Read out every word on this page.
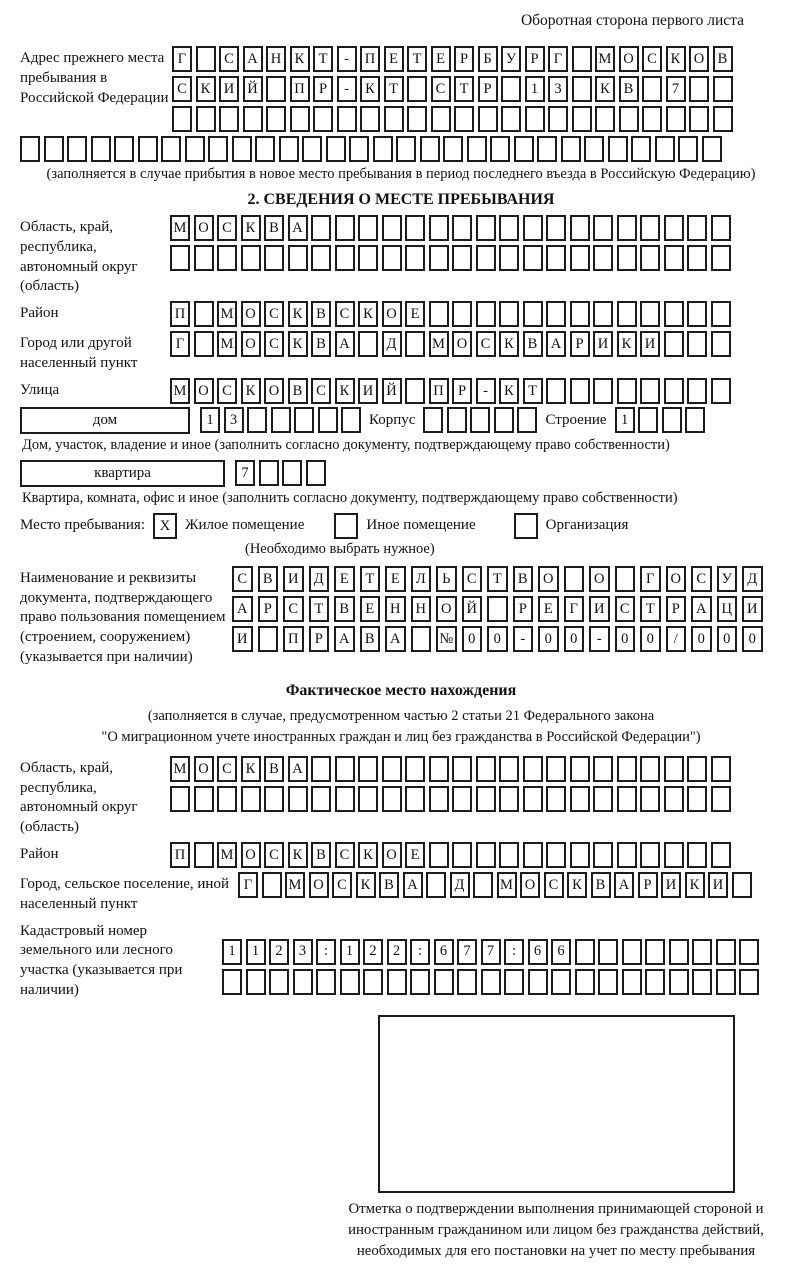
Оборотная сторона первого листа
Адрес прежнего места пребывания в Российской Федерации
Г	С А Н К Т	-	П Е	Т	Е	Р	Б У Р	Г	М О С К О В
С К И Й	П Р	-	К Т	С Т	Р	1	3	К В	7
(заполняется в случае прибытия в новое место пребывания в период последнего въезда в Российскую Федерацию)
2. СВЕДЕНИЯ О МЕСТЕ ПРЕБЫВАНИЯ
Область, край, республика, автономный округ (область)
М О С К В А
Район	П	М О С К В С К О Е
Город или другой населенный пункт
Г	М О С К В А	Д	М О С К В А Р И К И
Улица	М О С К О В С К И Й	П Р	-	К Т
дом	1	3	Корпус	Строение 1
Дом, участок, владение и иное (заполнить согласно документу, подтверждающему право собственности)
квартира	7
Квартира, комната, офис и иное (заполнить согласно документу, подтверждающему право собственности)
Место пребывания:	X Жилое помещение	Иное помещение	Организация
(Необходимо выбрать нужное)
Наименование и реквизиты документа, подтверждающего право пользования помещением (строением, сооружением) (указывается при наличии)
С	В	И	Д	Е	Т	Е	Л	Ь	С	Т	В	О	О	Г	О	С	У	Д
А	Р	С	Т	В	Е	Н	Н	О	Й	Р	Е	Г	И	С	Т	Р	А	Ц	И
И	П	Р	А	В	А	№	0	0	-	0	0	-	0	0	/	0	0	0
Фактическое место нахождения
(заполняется в случае, предусмотренном частью 2 статьи 21 Федерального закона
"О миграционном учете иностранных граждан и лиц без гражданства в Российской Федерации")
Область, край, республика, автономный округ (область)
М О С К В А
Район	П	М О С К В С К О Е
Город, сельское поселение, иной населенный пункт
Г	М О С К В А	Д	М О С К В А Р И К И
Кадастровый номер земельного или лесного участка (указывается при наличии)
1	1	2	3	:	1	2	2	:	6	7	7	:	6	6
Отметка о подтверждении выполнения принимающей стороной и иностранным гражданином или лицом без гражданства действий, необходимых для его постановки на учет по месту пребывания
